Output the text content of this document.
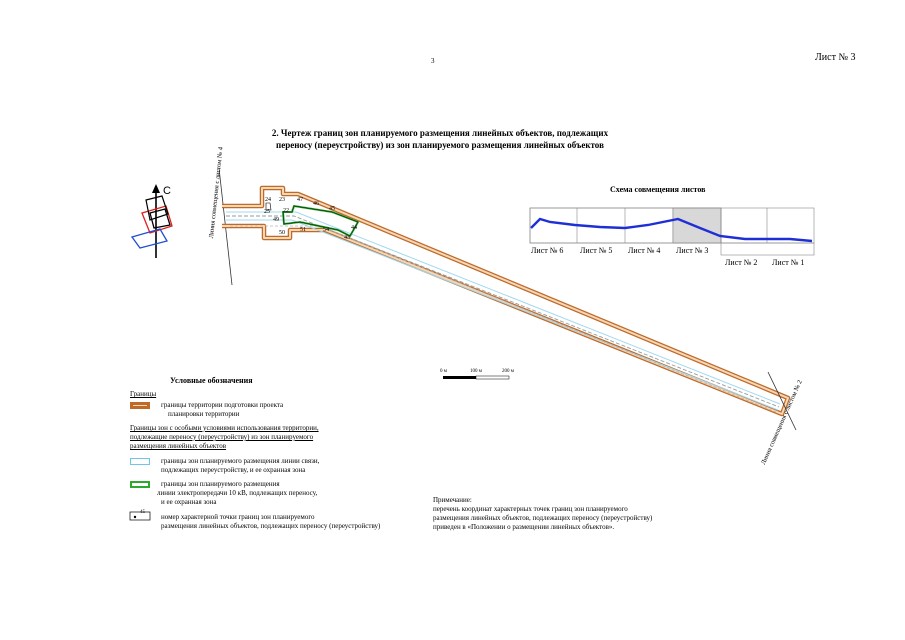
3	Лист № 3
2. Чертеж границ зон планируемого размещения линейных объектов, подлежащих
переносу (переустройству) из зон планируемого размещения линейных объектов
С	Линия совмещения с листом № 4
Линия совмещения с листом № 2
24 23
25 22
49
50
47
46
45
51	54	44
43
Схема совмещения листов
Лист № 6 Лист № 5 Лист № 4 Лист № 3
Лист № 2 Лист № 1
0 м	100 м	200 м
Условные обозначения
Границы
границы территории подготовки проекта
планировки территории
Границы зон с особыми условиями использования территории,
подлежащие переносу (переустройству) из зон планируемого
размещения линейных объектов
границы зон планируемого размещения линии связи,
подлежащих переустройству, и ее охранная зона
границы зон планируемого размещения
линии электропередачи 10 кВ, подлежащих переносу,
и ее охранная зона
45
номер характерной точки границ зон планируемого
размещения линейных объектов, подлежащих переносу (переустройству)
Примечание:
перечень координат характерных точек границ зон планируемого
размещения линейных объектов, подлежащих переносу (переустройству)
приведен в «Положении о размещении линейных объектов».
